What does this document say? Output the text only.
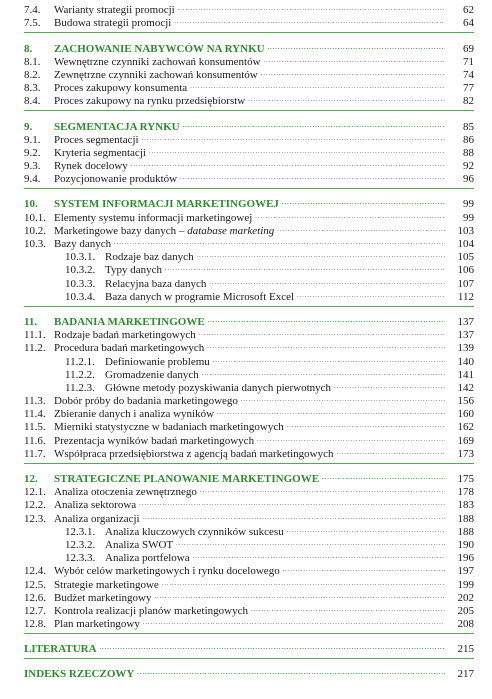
7.4.	Warianty strategii promocji . . .	62
7.5.	Budowa strategii promocji . . .	64
8.	ZACHOWANIE NABYWCÓW NA RYNKU . . .	69
8.1.	Wewnętrzne czynniki zachowań konsumentów . . .	71
8.2.	Zewnętrzne czynniki zachowań konsumentów . . .	74
8.3.	Proces zakupowy konsumenta . . .	77
8.4.	Proces zakupowy na rynku przedsiębiorstw . . .	82
9.	SEGMENTACJA RYNKU . . .	85
9.1.	Proces segmentacji . . .	86
9.2.	Kryteria segmentacji . . .	88
9.3.	Rynek docelowy . . .	92
9.4.	Pozycjonowanie produktów . . .	96
10.	SYSTEM INFORMACJI MARKETINGOWEJ . . .	99
10.1. Elementy systemu informacji marketingowej . . .	99
10.2. Marketingowe bazy danych – database marketing . . .	103
10.3. Bazy danych . . .	104
10.3.1. Rodzaje baz danych . . .	105
10.3.2. Typy danych . . .	106
10.3.3. Relacyjna baza danych . . .	107
10.3.4. Baza danych w programie Microsoft Excel . . .	112
11.	BADANIA MARKETINGOWE . . .	137
11.1. Rodzaje badań marketingowych . . .	137
11.2. Procedura badań marketingowych . . .	139
11.2.1. Definiowanie problemu . . .	140
11.2.2. Gromadzenie danych . . .	141
11.2.3. Główne metody pozyskiwania danych pierwotnych . . .	142
11.3. Dobór próby do badania marketingowego . . .	156
11.4. Zbieranie danych i analiza wyników . . .	160
11.5. Mierniki statystyczne w badaniach marketingowych . . .	162
11.6. Prezentacja wyników badań marketingowych . . .	169
11.7. Współpraca przedsiębiorstwa z agencją badań marketingowych . . .	173
12.	STRATEGICZNE PLANOWANIE MARKETINGOWE . . .	175
12.1. Analiza otoczenia zewnętrznego . . .	178
12.2. Analiza sektorowa . . .	183
12.3. Analiza organizacji . . .	188
12.3.1. Analiza kluczowych czynników sukcesu . . .	188
12.3.2. Analiza SWOT . . .	190
12.3.3. Analiza portfelowa . . .	196
12.4. Wybór celów marketingowych i rynku docelowego . . .	197
12.5. Strategie marketingowe . . .	199
12.6. Budżet marketingowy . . .	202
12.7. Kontrola realizacji planów marketingowych . . .	205
12.8. Plan marketingowy . . .	208
LITERATURA . . .	215
INDEKS RZECZOWY . . .	217
